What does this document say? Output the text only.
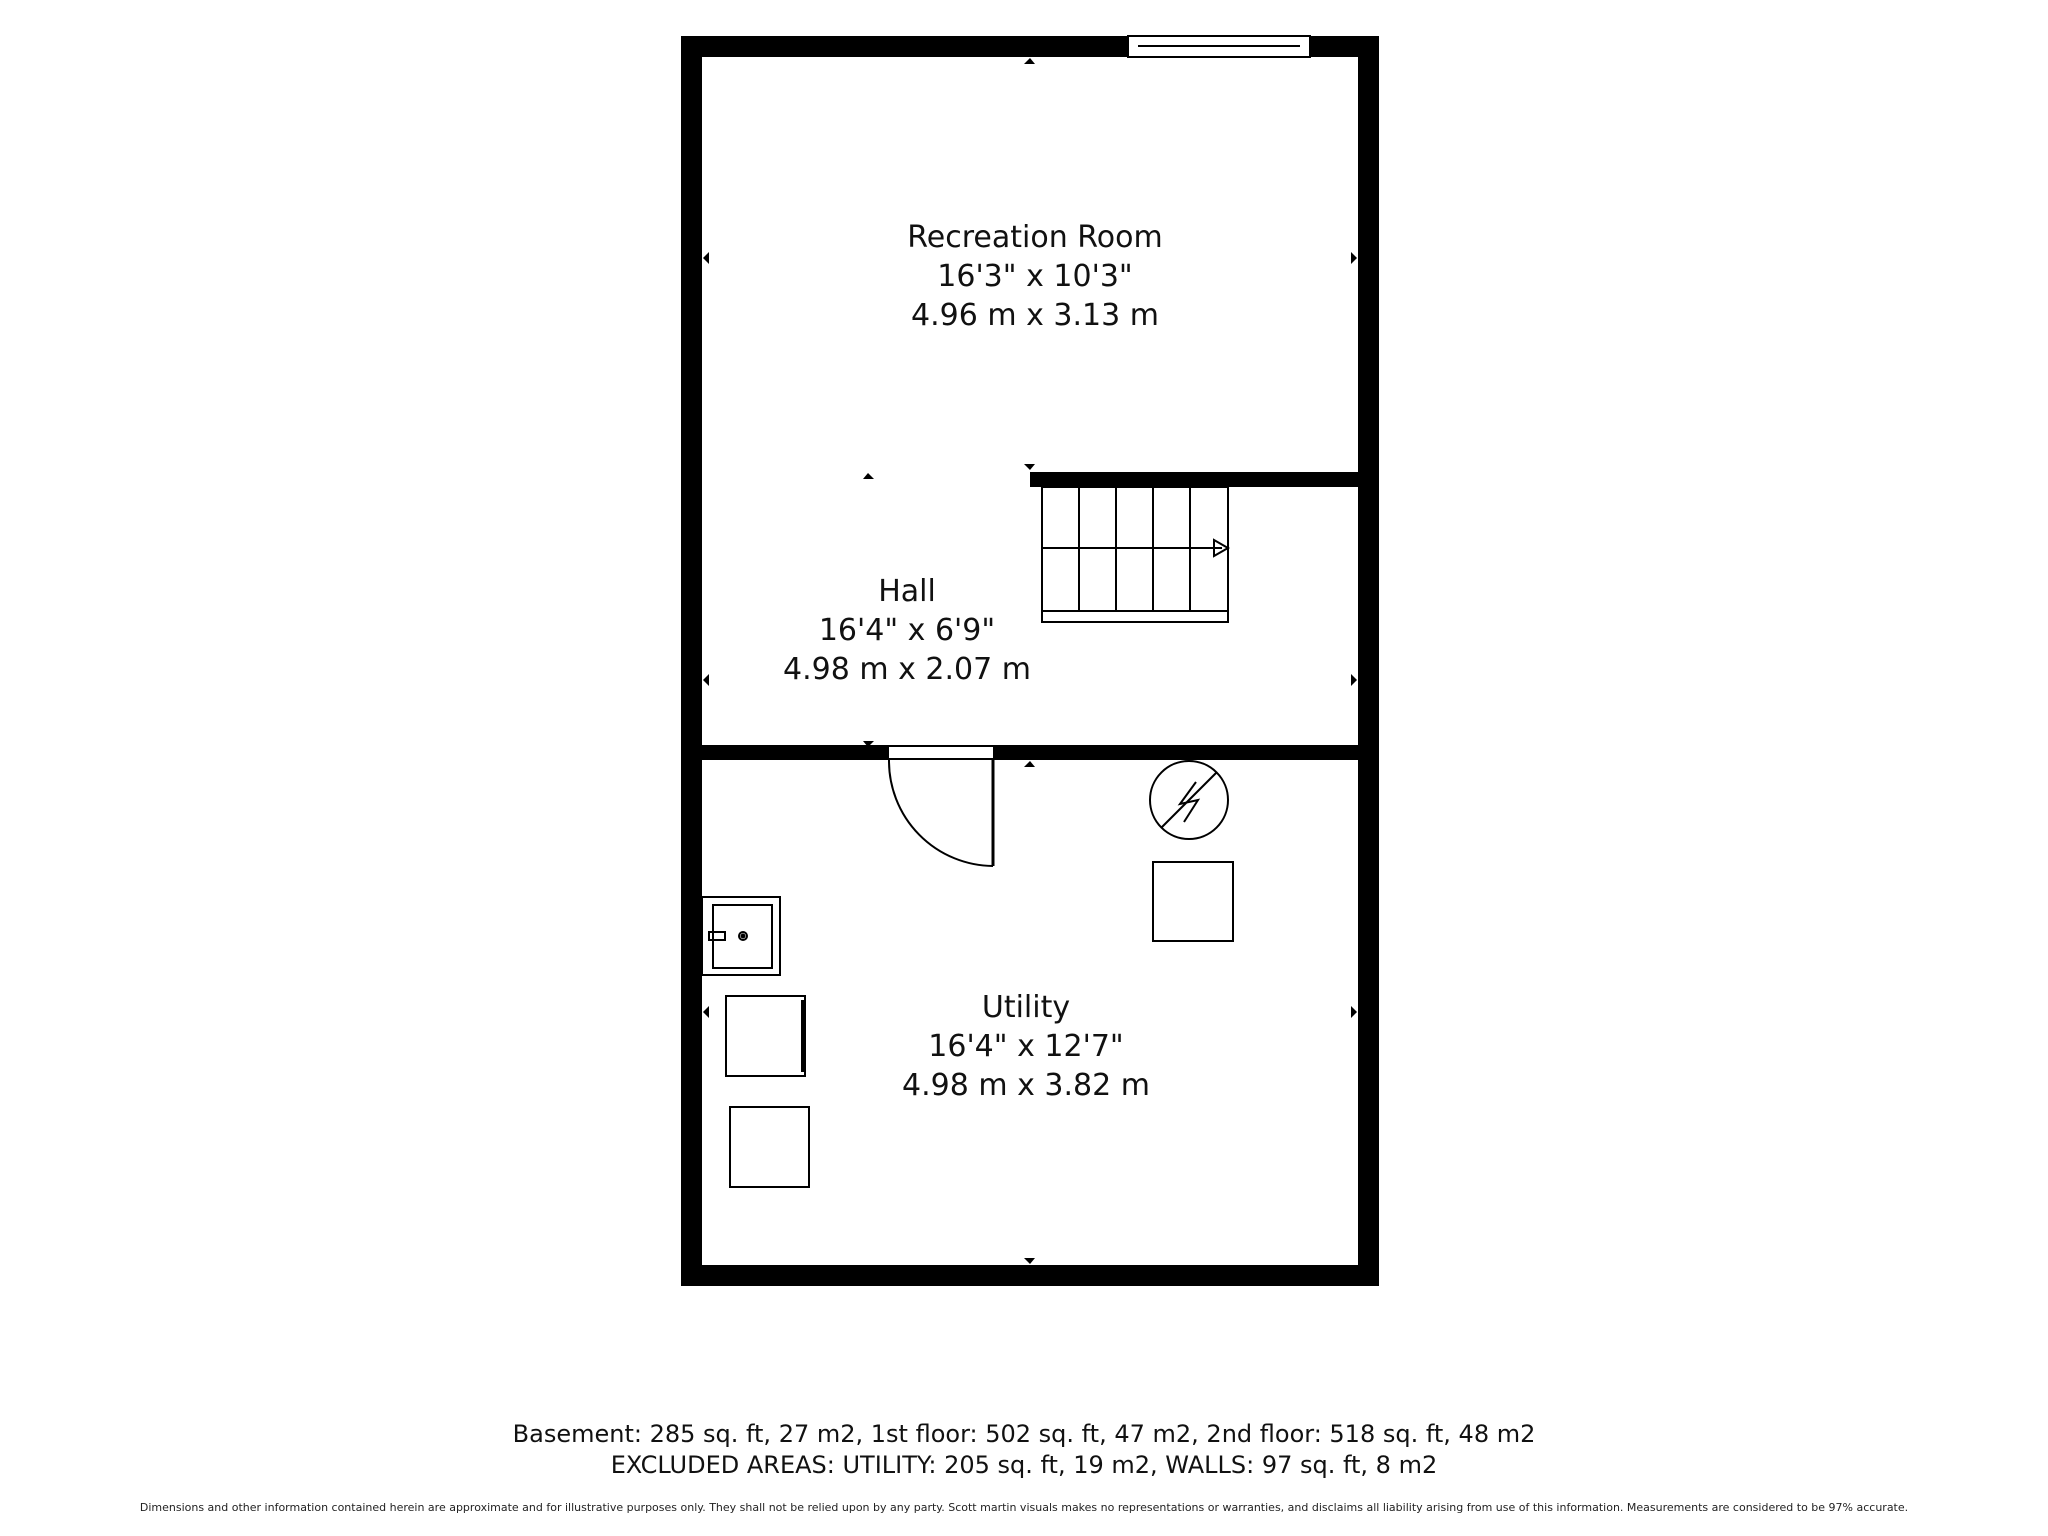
Recreation Room
16'3" x 10'3"
4.96 m x 3.13 m
Hall
16'4" x 6'9"
4.98 m x 2.07 m
Utility
16'4" x 12'7"
4.98 m x 3.82 m
Basement: 285 sq. ft, 27 m2, 1st floor: 502 sq. ft, 47 m2, 2nd floor: 518 sq. ft, 48 m2
EXCLUDED AREAS: UTILITY: 205 sq. ft, 19 m2, WALLS: 97 sq. ft, 8 m2
Dimensions and other information contained herein are approximate and for illustrative purposes only. They shall not be relied upon by any party. Scott martin visuals makes no representations or warranties, and disclaims all liability arising from use of this information. Measurements are considered to be 97% accurate.
